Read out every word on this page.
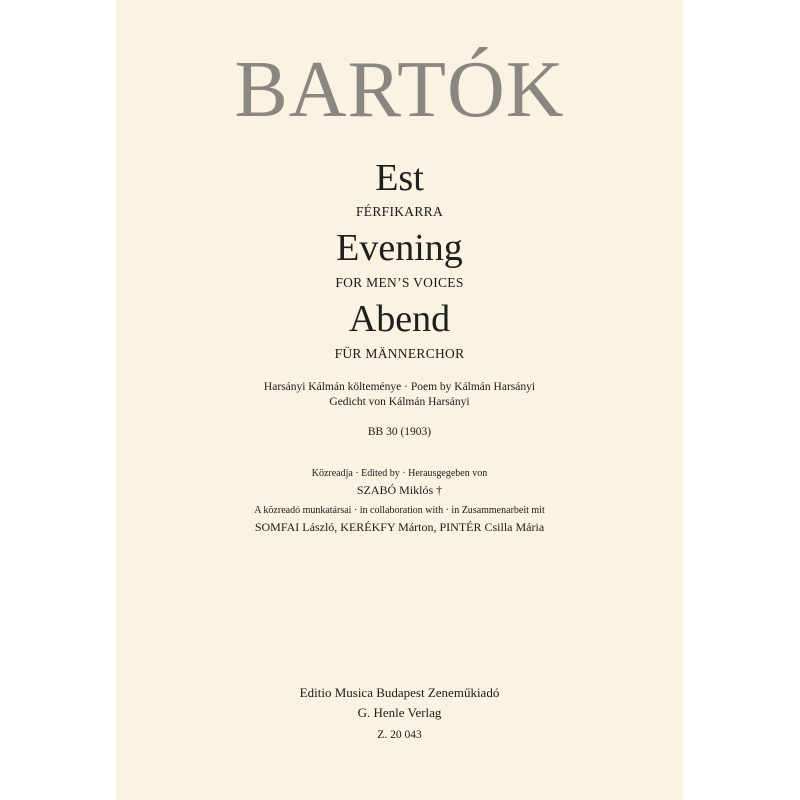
BARTÓK
Est
FÉRFIKARRA
Evening
FOR MEN’S VOICES
Abend
FÜR MÄNNERCHOR
Harsányi Kálmán költeménye · Poem by Kálmán Harsányi
Gedicht von Kálmán Harsányi
BB 30 (1903)
Közreadja · Edited by · Herausgegeben von
SZABÓ Miklós †
A közreadó munkatársai · in collaboration with · in Zusammenarbeit mit
SOMFAI László, KERÉKFY Márton, PINTÉR Csilla Mária
Editio Musica Budapest Zeneműkiadó
G. Henle Verlag
Z. 20 043
